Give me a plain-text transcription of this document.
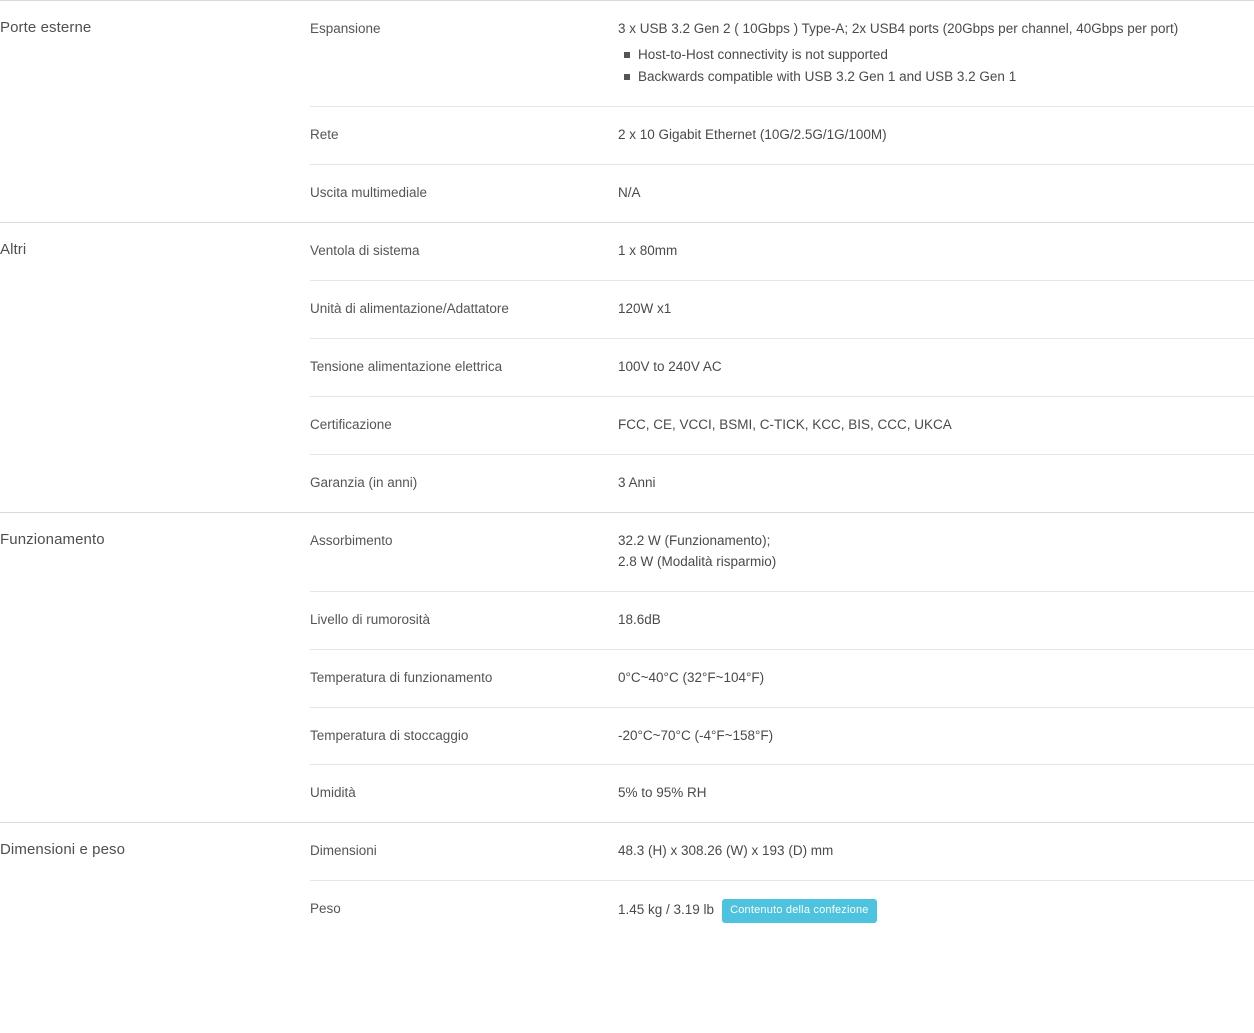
Porte esterne	Espansione	3 x USB 3.2 Gen 2 ( 10Gbps ) Type-A; 2x USB4 ports (20Gbps per channel, 40Gbps per port)
Host-to-Host connectivity is not supported
Backwards compatible with USB 3.2 Gen 1 and USB 3.2 Gen 1

	Rete	2 x 10 Gigabit Ethernet (10G/2.5G/1G/100M)

	Uscita multimediale	N/A

Altri	Ventola di sistema	1 x 80mm

	Unità di alimentazione/Adattatore	120W x1

	Tensione alimentazione elettrica	100V to 240V AC

	Certificazione	FCC, CE, VCCI, BSMI, C-TICK, KCC, BIS, CCC, UKCA

	Garanzia (in anni)	3 Anni

Funzionamento	Assorbimento	32.2 W (Funzionamento);
2.8 W (Modalità risparmio)

	Livello di rumorosità	18.6dB

	Temperatura di funzionamento	0°C~40°C (32°F~104°F)

	Temperatura di stoccaggio	-20°C~70°C (-4°F~158°F)

	Umidità	5% to 95% RH

Dimensioni e peso	Dimensioni	48.3 (H) x 308.26 (W) x 193 (D) mm

	Peso	1.45 kg / 3.19 lb Contenuto della confezione
